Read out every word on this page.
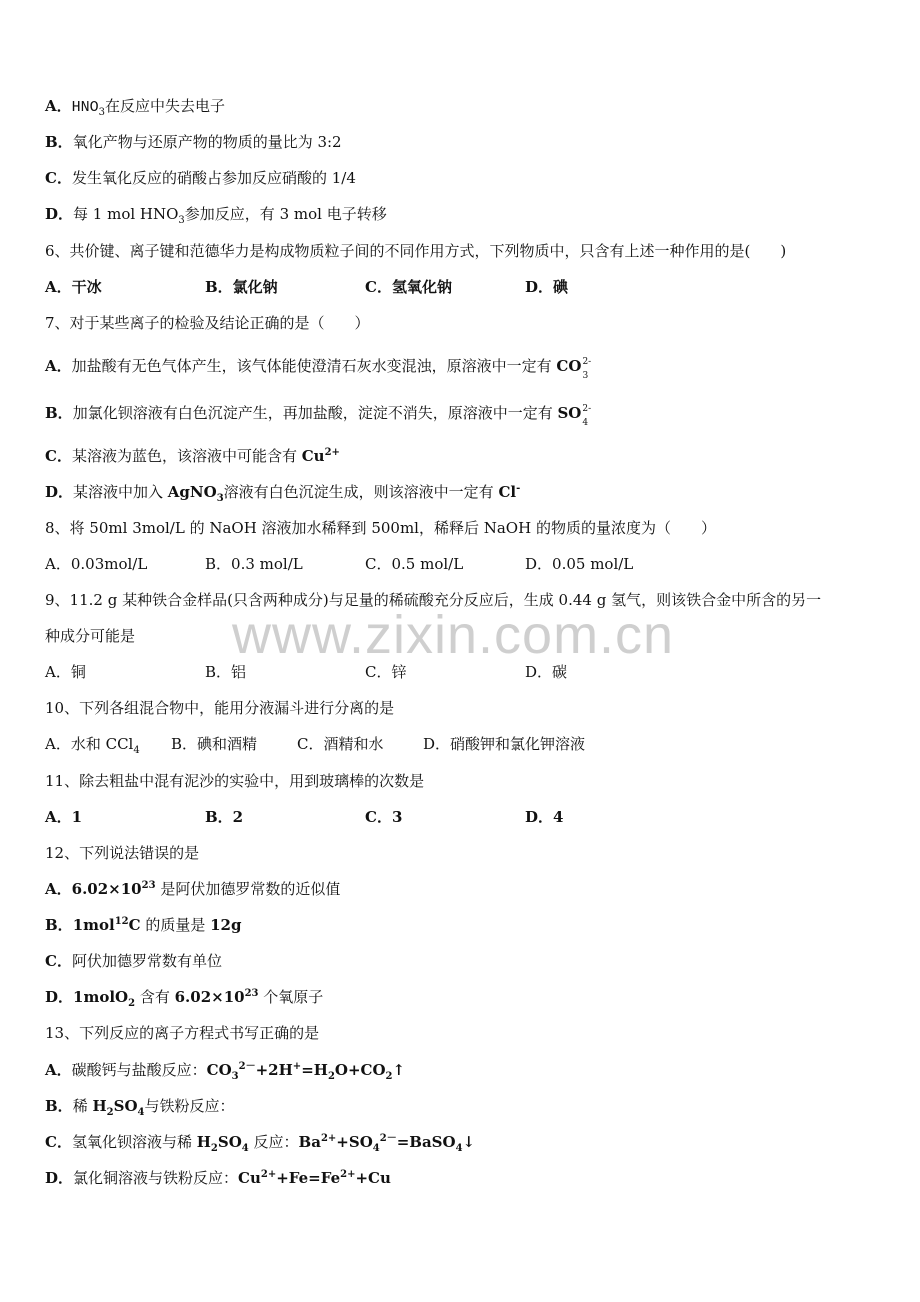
www.zixin.com.cn
A．$HNO_3$在反应中失去电子
B．氧化产物与还原产物的物质的量比为 3:2
C．发生氧化反应的硝酸占参加反应硝酸的 1/4
D．每 1 mol $HNO_3$参加反应，有 3 mol 电子转移
6、共价键、离子键和范德华力是构成物质粒子间的不同作用方式，下列物质中，只含有上述一种作用的是(　　)
A．干冰	B．氯化钠	C．氢氧化钠	D．碘
7、对于某些离子的检验及结论正确的是（　　）
A．加盐酸有无色气体产生，该气体能使澄清石灰水变混浊，原溶液中一定有 CO 2-
3
B．加氯化钡溶液有白色沉淀产生，再加盐酸，淀淀不消失，原溶液中一定有 SO 2-
4
C．某溶液为蓝色，该溶液中可能含有 $Cu^{2+}$
D．某溶液中加入 AgNO$_3$溶液有白色沉淀生成，则该溶液中一定有 Cl-
8、将 50ml 3mol/L 的 NaOH 溶液加水稀释到 500ml，稀释后 NaOH 的物质的量浓度为（　　）
A．0.03mol/L	B．0.3 mol/L	C．0.5 mol/L	D．0.05 mol/L
9、11.2 g 某种铁合金样品(只含两种成分)与足量的稀硫酸充分反应后，生成 0.44 g 氢气，则该铁合金中所含的另一
种成分可能是
A．铜	B．铝	C．锌	D．碳
10、下列各组混合物中，能用分液漏斗进行分离的是
A．水和 CCl$_4$ B．碘和酒精	C．酒精和水	D．硝酸钾和氯化钾溶液
11、除去粗盐中混有泥沙的实验中，用到玻璃棒的次数是
A．1	B．2	C．3	D．4
12、下列说法错误的是
A．$6.02\times 10^{23}$ 是阿伏加德罗常数的近似值
B．1mol$^{12}$C 的质量是 12g
C．阿伏加德罗常数有单位
D．1molO$_2$ 含有 $6.02\times 10^{23}$ 个氧原子
13、下列反应的离子方程式书写正确的是
A．碳酸钙与盐酸反应：$CO_3^{2-}+2H^+=H_2O+CO_2↑$
B．稀 $H_2SO_4$与铁粉反应：
C．氢氧化钡溶液与稀 $H_2SO_4$ 反应：$Ba^{2+}+SO_4^{2-}=BaSO_4↓$
D．氯化铜溶液与铁粉反应：$Cu^{2+}+Fe=Fe^{2+}+Cu$
